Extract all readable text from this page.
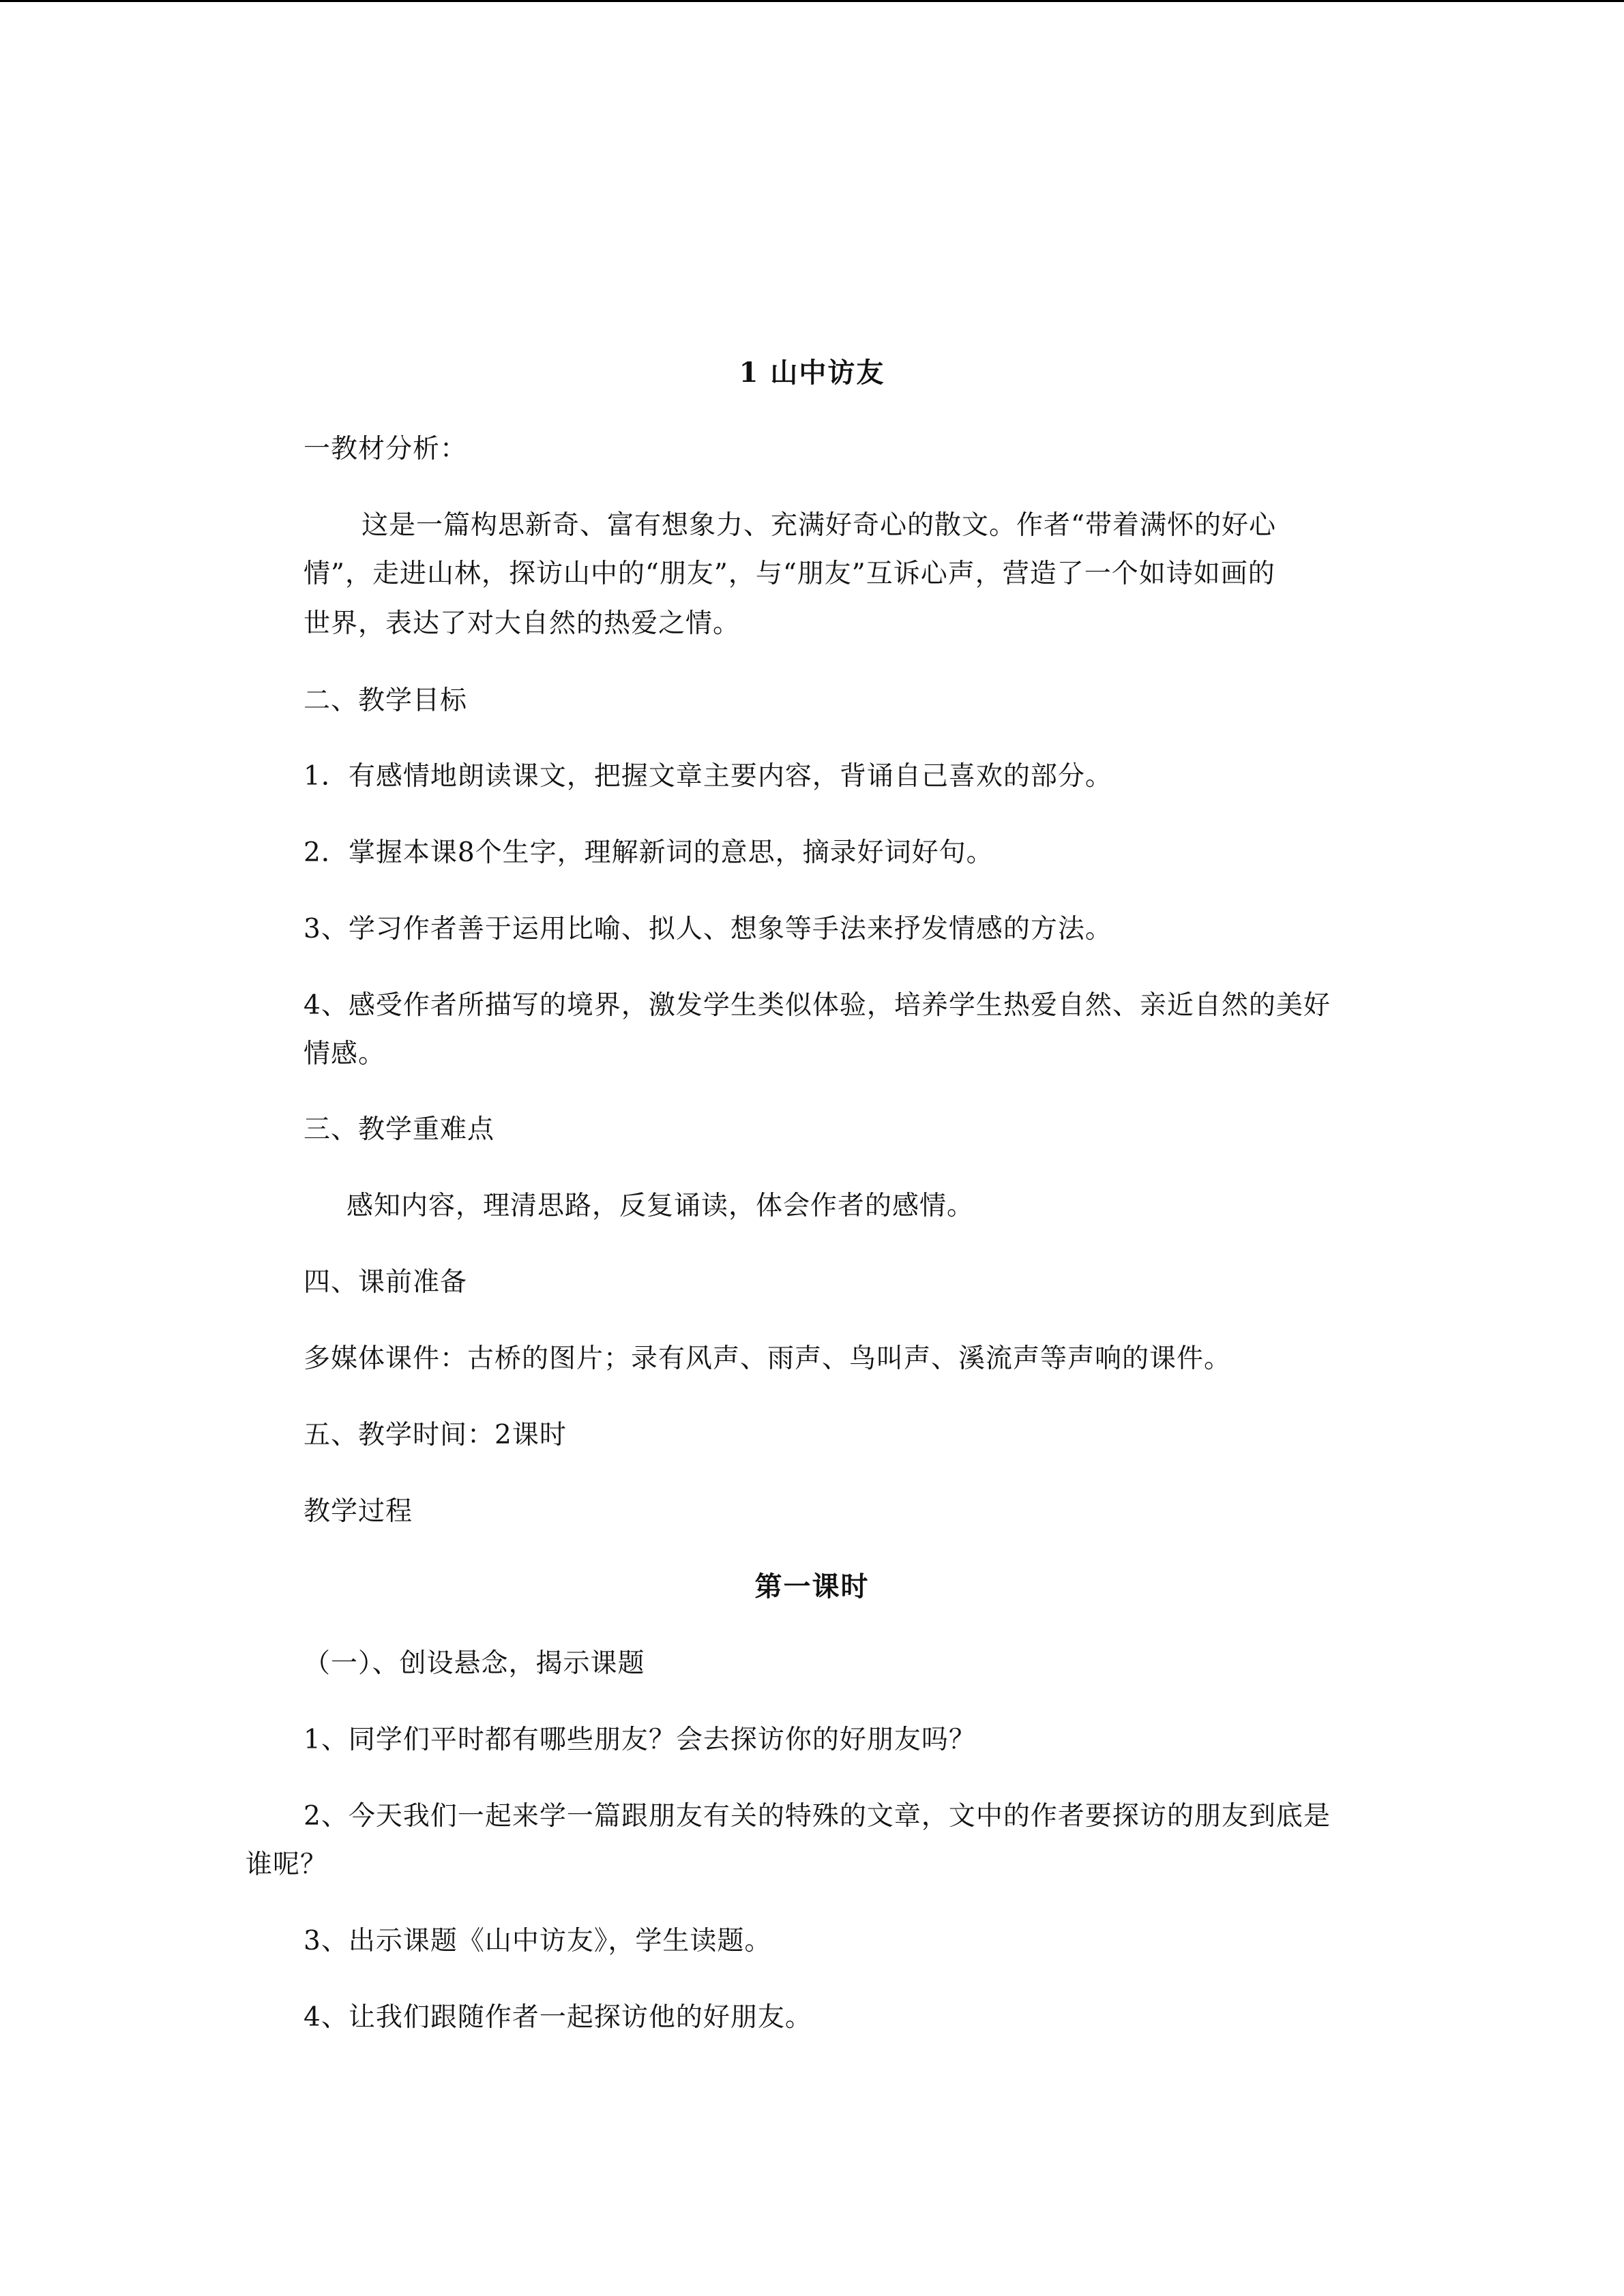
1 山中访友
一教材分析：
这是一篇构思新奇、富有想象力、充满好奇心的散文。作者“带着满怀的好心
情”，走进山林，探访山中的“朋友”，与“朋友”互诉心声，营造了一个如诗如画的
世界，表达了对大自然的热爱之情。
二、教学目标
1．有感情地朗读课文，把握文章主要内容，背诵自己喜欢的部分。
2．掌握本课8个生字，理解新词的意思，摘录好词好句。
3、学习作者善于运用比喻、拟人、想象等手法来抒发情感的方法。
4、感受作者所描写的境界，激发学生类似体验，培养学生热爱自然、亲近自然的美好
情感。
三、教学重难点
感知内容，理清思路，反复诵读，体会作者的感情。
四、课前准备
多媒体课件：古桥的图片；录有风声、雨声、鸟叫声、溪流声等声响的课件。
五、教学时间：2课时
教学过程
第一课时
（一）、创设悬念，揭示课题
1、同学们平时都有哪些朋友？会去探访你的好朋友吗？
2、今天我们一起来学一篇跟朋友有关的特殊的文章，文中的作者要探访的朋友到底是
谁呢？
3、出示课题《山中访友》，学生读题。
4、让我们跟随作者一起探访他的好朋友。
